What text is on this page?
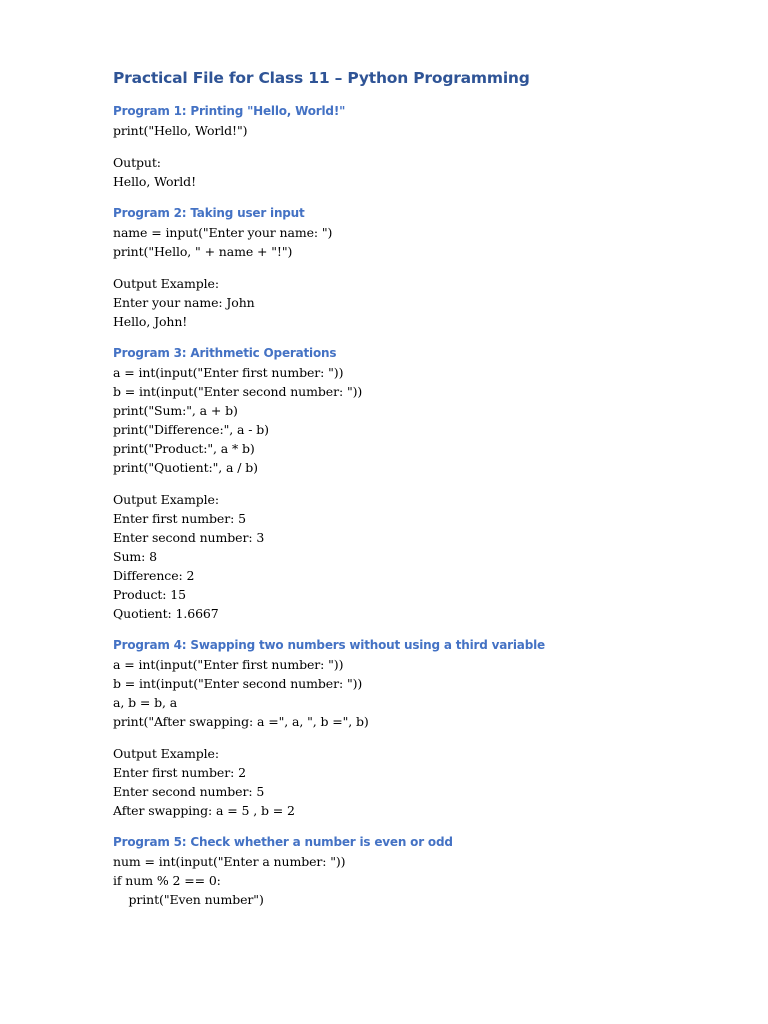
Practical File for Class 11 – Python Programming
Program 1: Printing "Hello, World!"
print("Hello, World!")
Output:
Hello, World!
Program 2: Taking user input
name = input("Enter your name: ")
print("Hello, " + name + "!")
Output Example:
Enter your name: John
Hello, John!
Program 3: Arithmetic Operations
a = int(input("Enter first number: "))
b = int(input("Enter second number: "))
print("Sum:", a + b)
print("Difference:", a - b)
print("Product:", a * b)
print("Quotient:", a / b)
Output Example:
Enter first number: 5
Enter second number: 3
Sum: 8
Difference: 2
Product: 15
Quotient: 1.6667
Program 4: Swapping two numbers without using a third variable
a = int(input("Enter first number: "))
b = int(input("Enter second number: "))
a, b = b, a
print("After swapping: a =", a, ", b =", b)
Output Example:
Enter first number: 2
Enter second number: 5
After swapping: a = 5 , b = 2
Program 5: Check whether a number is even or odd
num = int(input("Enter a number: "))
if num % 2 == 0:
print("Even number")
